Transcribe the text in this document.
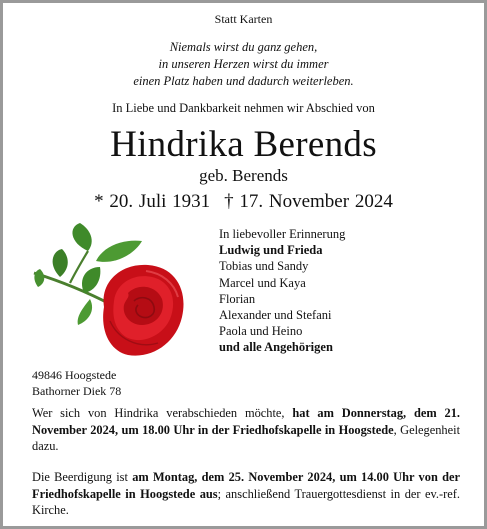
Statt Karten
Niemals wirst du ganz gehen,
in unseren Herzen wirst du immer
einen Platz haben und dadurch weiterleben.
In Liebe und Dankbarkeit nehmen wir Abschied von
Hindrika Berends
geb. Berends
* 20. Juli 1931 † 17. November 2024
In liebevoller Erinnerung
Ludwig und Frieda
Tobias und Sandy
Marcel und Kaya
Florian
Alexander und Stefani
Paola und Heino
und alle Angehörigen
49846 Hoogstede
Bathorner Diek 78
Wer sich von Hindrika verabschieden möchte, hat am Donnerstag, dem 21. November 2024, um 18.00 Uhr in der Friedhofskapelle in Hoogstede, Gelegenheit dazu.
Die Beerdigung ist am Montag, dem 25. November 2024, um 14.00 Uhr von der Friedhofskapelle in Hoogstede aus; anschließend Trauergottesdienst in der ev.-ref. Kirche.
